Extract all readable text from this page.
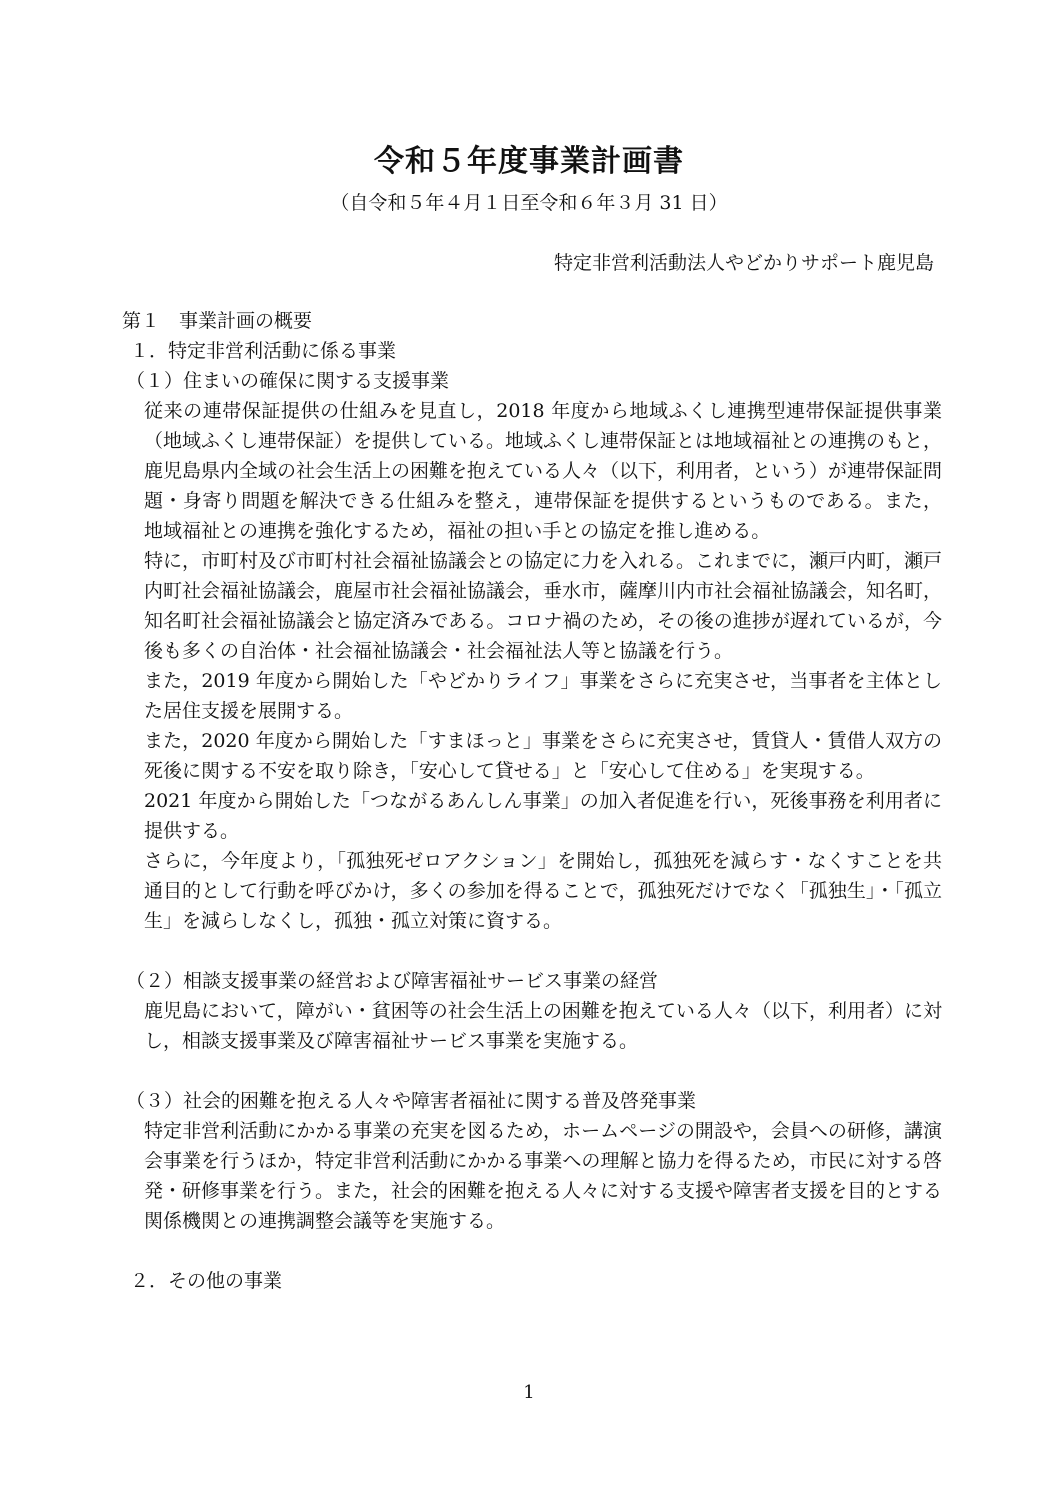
令和５年度事業計画書
（自令和５年４月１日至令和６年３月 31 日）
特定非営利活動法人やどかりサポート鹿児島

第１　事業計画の概要

１．特定非営利活動に係る事業

（１）住まいの確保に関する支援事業

従来の連帯保証提供の仕組みを見直し，2018 年度から地域ふくし連携型連帯保証提供事業（地域ふくし連帯保証）を提供している。地域ふくし連帯保証とは地域福祉との連携のもと，鹿児島県内全域の社会生活上の困難を抱えている人々（以下，利用者，という）が連帯保証問題・身寄り問題を解決できる仕組みを整え，連帯保証を提供するというものである。また，地域福祉との連携を強化するため，福祉の担い手との協定を推し進める。

特に，市町村及び市町村社会福祉協議会との協定に力を入れる。これまでに，瀬戸内町，瀬戸内町社会福祉協議会，鹿屋市社会福祉協議会，垂水市，薩摩川内市社会福祉協議会，知名町，知名町社会福祉協議会と協定済みである。コロナ禍のため，その後の進捗が遅れているが，今後も多くの自治体・社会福祉協議会・社会福祉法人等と協議を行う。

また，2019 年度から開始した「やどかりライフ」事業をさらに充実させ，当事者を主体とした居住支援を展開する。

また，2020 年度から開始した「すまほっと」事業をさらに充実させ，賃貸人・賃借人双方の死後に関する不安を取り除き，「安心して貸せる」と「安心して住める」を実現する。

2021 年度から開始した「つながるあんしん事業」の加入者促進を行い，死後事務を利用者に提供する。

さらに，今年度より，「孤独死ゼロアクション」を開始し，孤独死を減らす・なくすことを共通目的として行動を呼びかけ，多くの参加を得ることで，孤独死だけでなく「孤独生」・「孤立生」を減らしなくし，孤独・孤立対策に資する。

（２）相談支援事業の経営および障害福祉サービス事業の経営

鹿児島において，障がい・貧困等の社会生活上の困難を抱えている人々（以下，利用者）に対し，相談支援事業及び障害福祉サービス事業を実施する。

（３）社会的困難を抱える人々や障害者福祉に関する普及啓発事業

特定非営利活動にかかる事業の充実を図るため，ホームページの開設や，会員への研修，講演会事業を行うほか，特定非営利活動にかかる事業への理解と協力を得るため，市民に対する啓発・研修事業を行う。また，社会的困難を抱える人々に対する支援や障害者支援を目的とする関係機関との連携調整会議等を実施する。

２．その他の事業

1
